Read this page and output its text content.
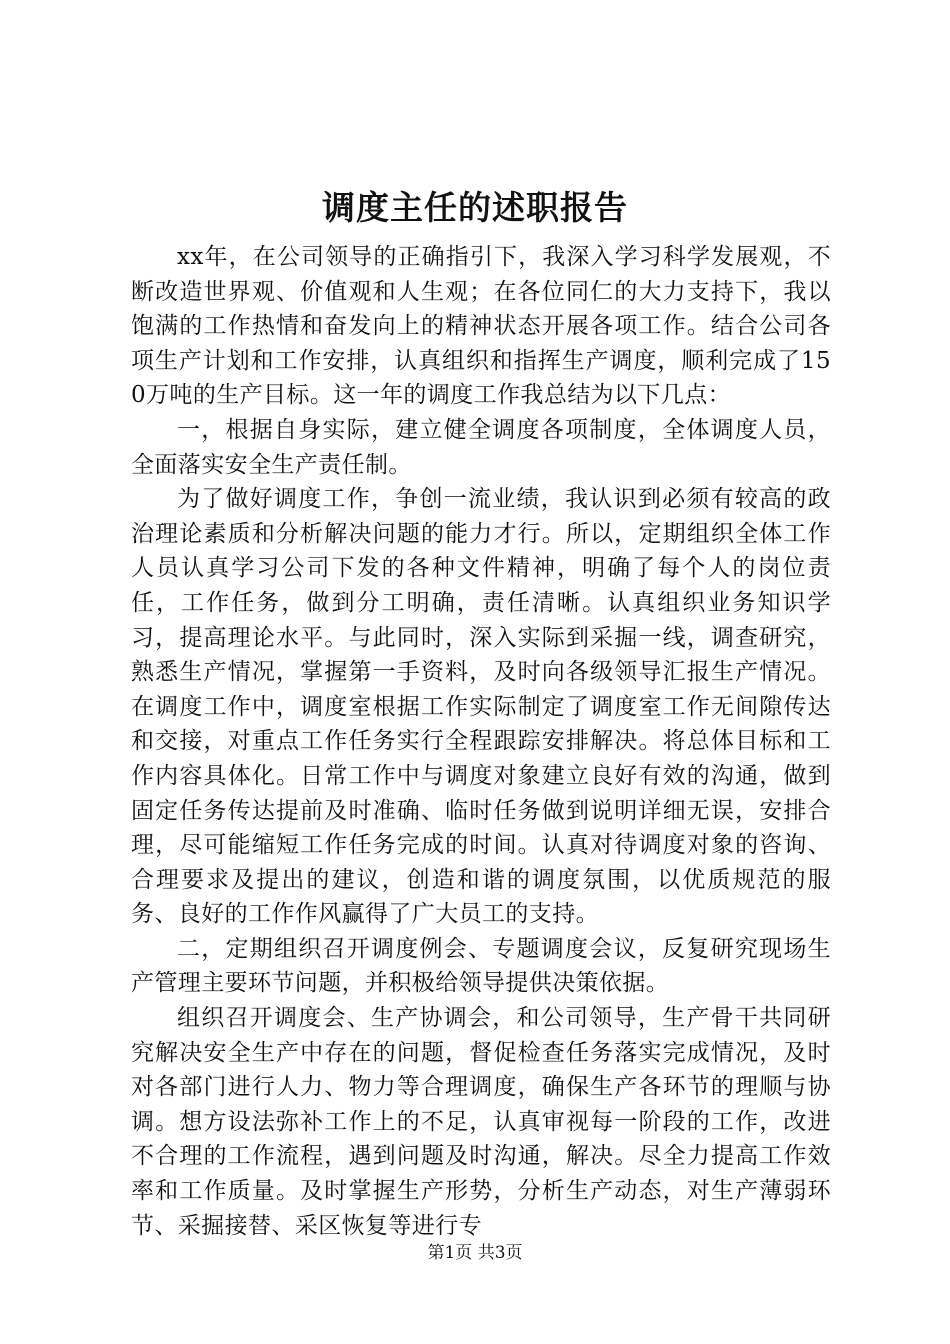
调度主任的述职报告

xx年，在公司领导的正确指引下，我深入学习科学发展观，不断改造世界观、价值观和人生观；在各位同仁的大力支持下，我以饱满的工作热情和奋发向上的精神状态开展各项工作。结合公司各项生产计划和工作安排，认真组织和指挥生产调度，顺利完成了150万吨的生产目标。这一年的调度工作我总结为以下几点：

一，根据自身实际，建立健全调度各项制度，全体调度人员，全面落实安全生产责任制。

为了做好调度工作，争创一流业绩，我认识到必须有较高的政治理论素质和分析解决问题的能力才行。所以，定期组织全体工作人员认真学习公司下发的各种文件精神，明确了每个人的岗位责任，工作任务，做到分工明确，责任清晰。认真组织业务知识学习，提高理论水平。与此同时，深入实际到采掘一线，调查研究，熟悉生产情况，掌握第一手资料，及时向各级领导汇报生产情况。在调度工作中，调度室根据工作实际制定了调度室工作无间隙传达和交接，对重点工作任务实行全程跟踪安排解决。将总体目标和工作内容具体化。日常工作中与调度对象建立良好有效的沟通，做到固定任务传达提前及时准确、临时任务做到说明详细无误，安排合理，尽可能缩短工作任务完成的时间。认真对待调度对象的咨询、合理要求及提出的建议，创造和谐的调度氛围，以优质规范的服务、良好的工作作风赢得了广大员工的支持。

二，定期组织召开调度例会、专题调度会议，反复研究现场生产管理主要环节问题，并积极给领导提供决策依据。

组织召开调度会、生产协调会，和公司领导，生产骨干共同研究解决安全生产中存在的问题，督促检查任务落实完成情况，及时对各部门进行人力、物力等合理调度，确保生产各环节的理顺与协调。想方设法弥补工作上的不足，认真审视每一阶段的工作，改进不合理的工作流程，遇到问题及时沟通，解决。尽全力提高工作效率和工作质量。及时掌握生产形势，分析生产动态，对生产薄弱环节、采掘接替、采区恢复等进行专

第1页 共3页
